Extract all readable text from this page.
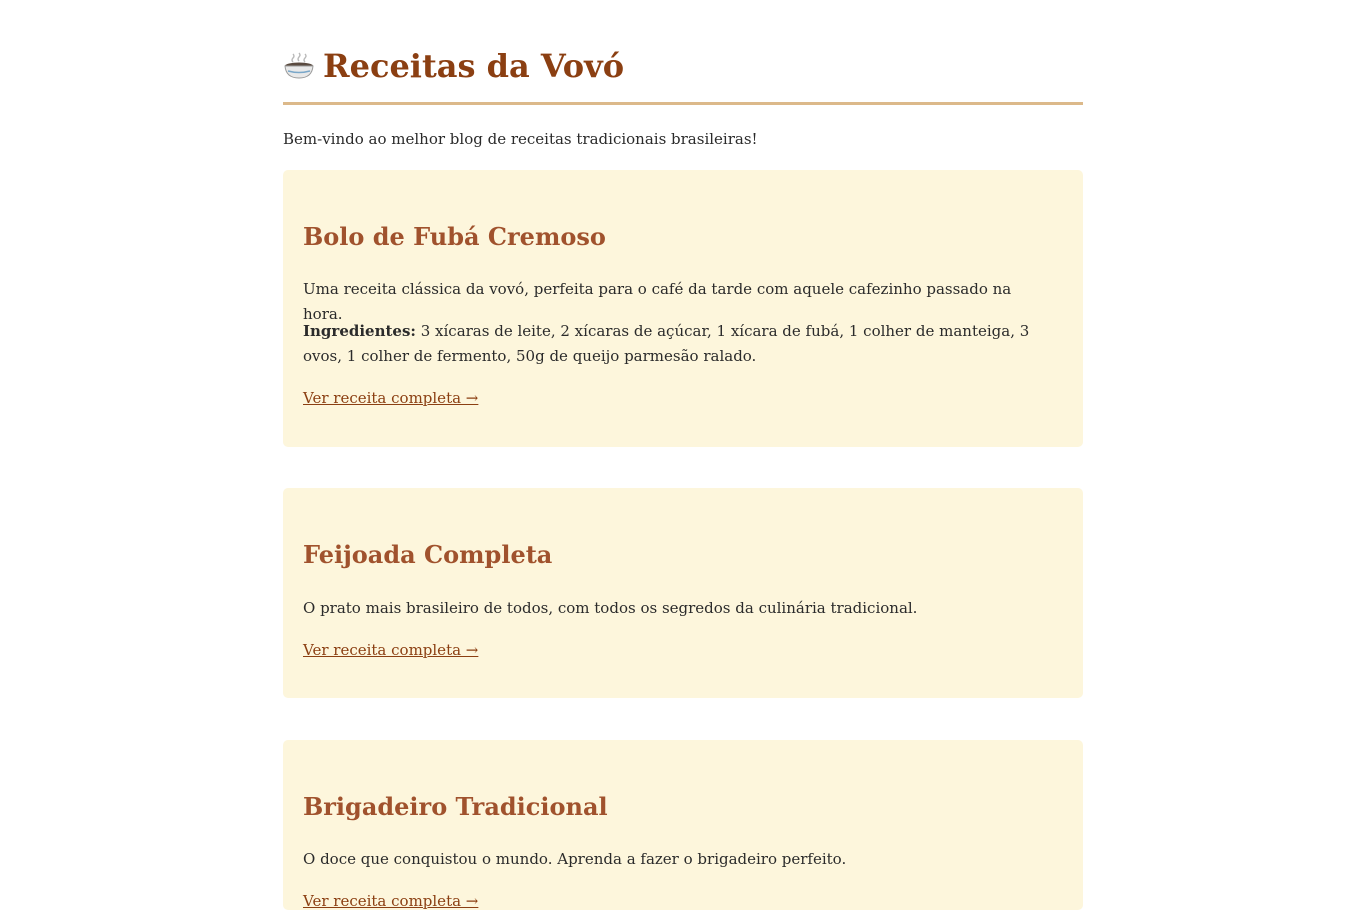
Receitas da Vovó

Bem-vindo ao melhor blog de receitas tradicionais brasileiras!

Bolo de Fubá Cremoso

Uma receita clássica da vovó, perfeita para o café da tarde com aquele cafezinho passado na hora.

Ingredientes: 3 xícaras de leite, 2 xícaras de açúcar, 1 xícara de fubá, 1 colher de manteiga, 3 ovos, 1 colher de fermento, 50g de queijo parmesão ralado.

Ver receita completa →
Feijoada Completa

O prato mais brasileiro de todos, com todos os segredos da culinária tradicional.

Ver receita completa →
Brigadeiro Tradicional

O doce que conquistou o mundo. Aprenda a fazer o brigadeiro perfeito.

Ver receita completa →
